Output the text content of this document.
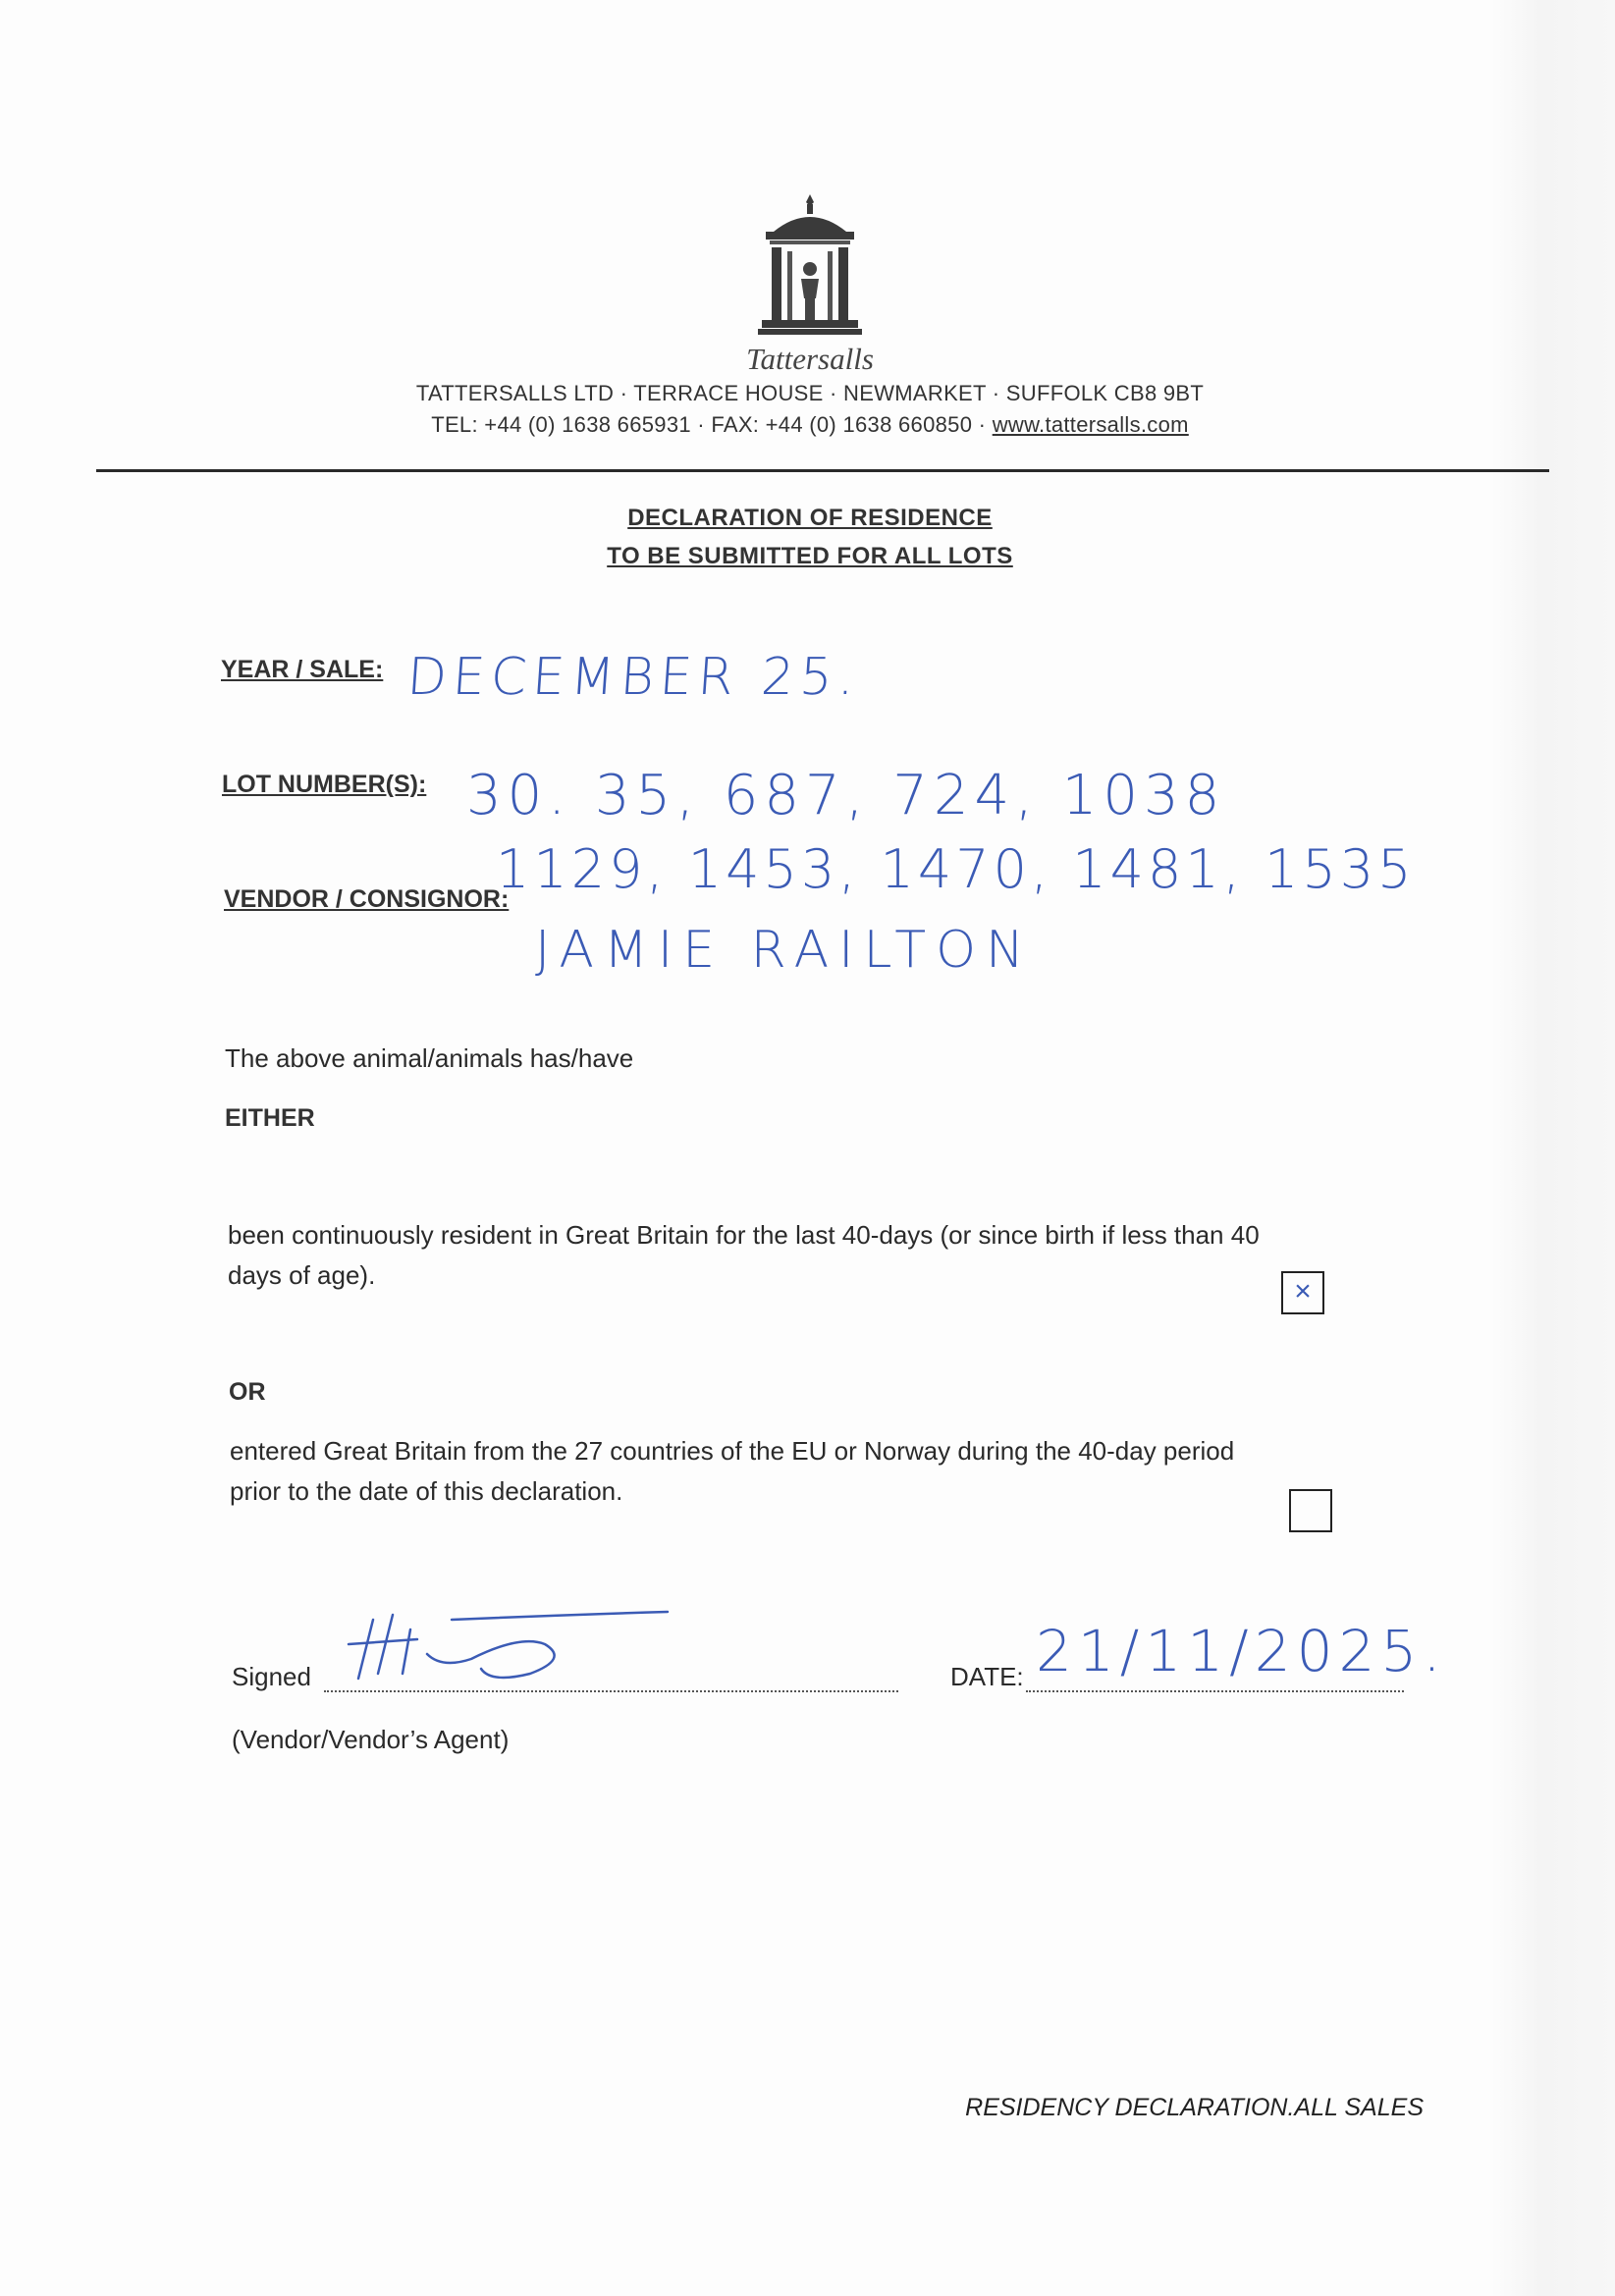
Tattersalls
TATTERSALLS LTD · TERRACE HOUSE · NEWMARKET · SUFFOLK CB8 9BT
TEL: +44 (0) 1638 665931 · FAX: +44 (0) 1638 660850 · www.tattersalls.com
DECLARATION OF RESIDENCE
TO BE SUBMITTED FOR ALL LOTS
YEAR / SALE: DECEMBER 25.
LOT NUMBER(S): 30. 35, 687, 724, 1038
1129, 1453, 1470, 1481, 1535
VENDOR / CONSIGNOR:
JAMIE RAILTON
The above animal/animals has/have
EITHER
been continuously resident in Great Britain for the last 40-days (or since birth if less than 40
days of age).	×
OR
entered Great Britain from the 27 countries of the EU or Norway during the 40-day period
prior to the date of this declaration.
Signed
(Vendor/Vendor’s Agent)
DATE: 21/11/2025.
RESIDENCY DECLARATION.ALL SALES
